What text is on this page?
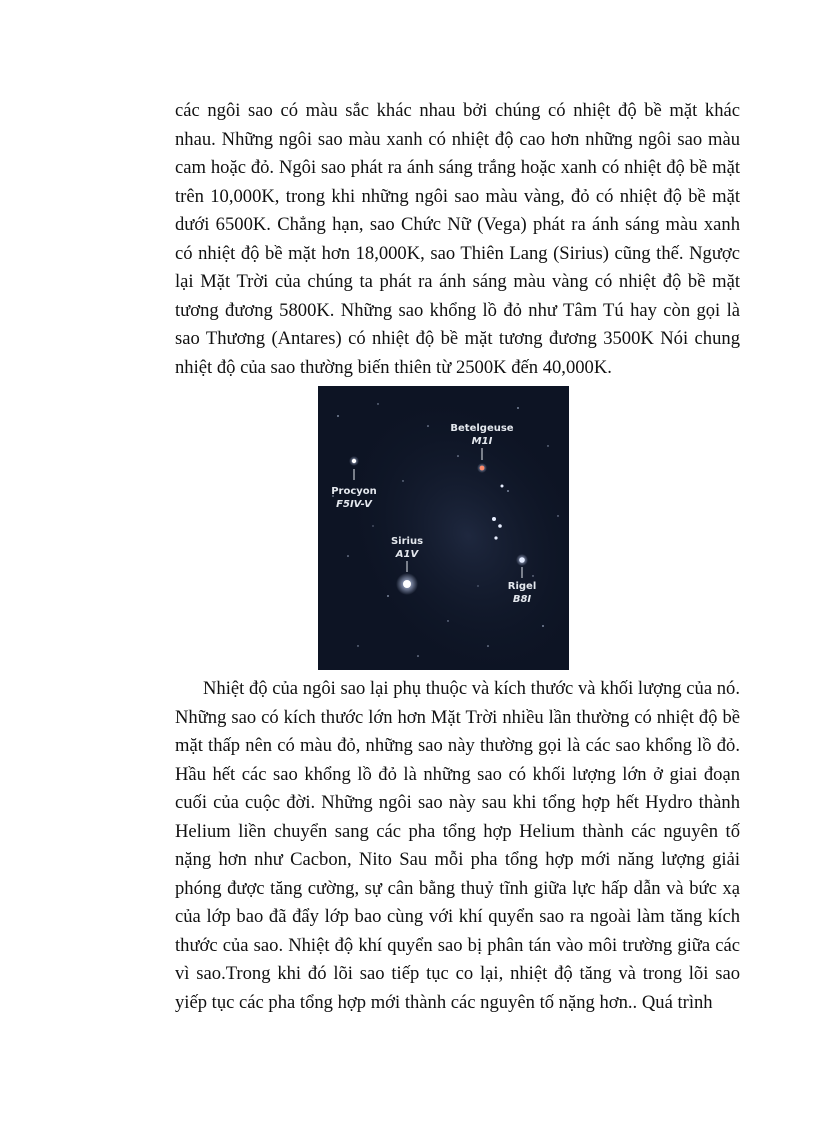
các ngôi sao có màu sắc khác nhau bởi chúng có nhiệt độ bề mặt khác nhau. Những ngôi sao màu xanh có nhiệt độ cao hơn những ngôi sao màu cam hoặc đỏ. Ngôi sao phát ra ánh sáng trắng hoặc xanh có nhiệt độ bề mặt trên 10,000K, trong khi những ngôi sao màu vàng, đỏ có nhiệt độ bề mặt dưới 6500K. Chẳng hạn, sao Chức Nữ (Vega) phát ra ánh sáng màu xanh có nhiệt độ bề mặt hơn 18,000K, sao Thiên Lang (Sirius) cũng thế. Ngược lại Mặt Trời của chúng ta phát ra ánh sáng màu vàng có nhiệt độ bề mặt tương đương 5800K. Những sao khổng lồ đỏ như Tâm Tú hay còn gọi là sao Thương (Antares) có nhiệt độ bề mặt tương đương 3500K Nói chung nhiệt độ của sao thường biến thiên từ 2500K đến 40,000K.

Betelgeuse
M1I
Procyon
F5IV-V
Sirius
A1V
Rigel
B8I

Nhiệt độ của ngôi sao lại phụ thuộc và kích thước và khối lượng của nó. Những sao có kích thước lớn hơn Mặt Trời nhiều lần thường có nhiệt độ bề mặt thấp nên có màu đỏ, những sao này thường gọi là các sao khổng lồ đỏ. Hầu hết các sao khổng lồ đỏ là những sao có khối lượng lớn ở giai đoạn cuối của cuộc đời. Những ngôi sao này sau khi tổng hợp hết Hydro thành Helium liền chuyển sang các pha tổng hợp Helium thành các nguyên tố nặng hơn như Cacbon, Nito Sau mỗi pha tổng hợp mới năng lượng giải phóng được tăng cường, sự cân bằng thuỷ tĩnh giữa lực hấp dẫn và bức xạ của lớp bao đã đẩy lớp bao cùng với khí quyển sao ra ngoài làm tăng kích thước của sao. Nhiệt độ khí quyển sao bị phân tán vào môi trường giữa các vì sao.Trong khi đó lõi sao tiếp tục co lại, nhiệt độ tăng và trong lõi sao yiếp tục các pha tổng hợp mới thành các nguyên tố nặng hơn.. Quá trình
